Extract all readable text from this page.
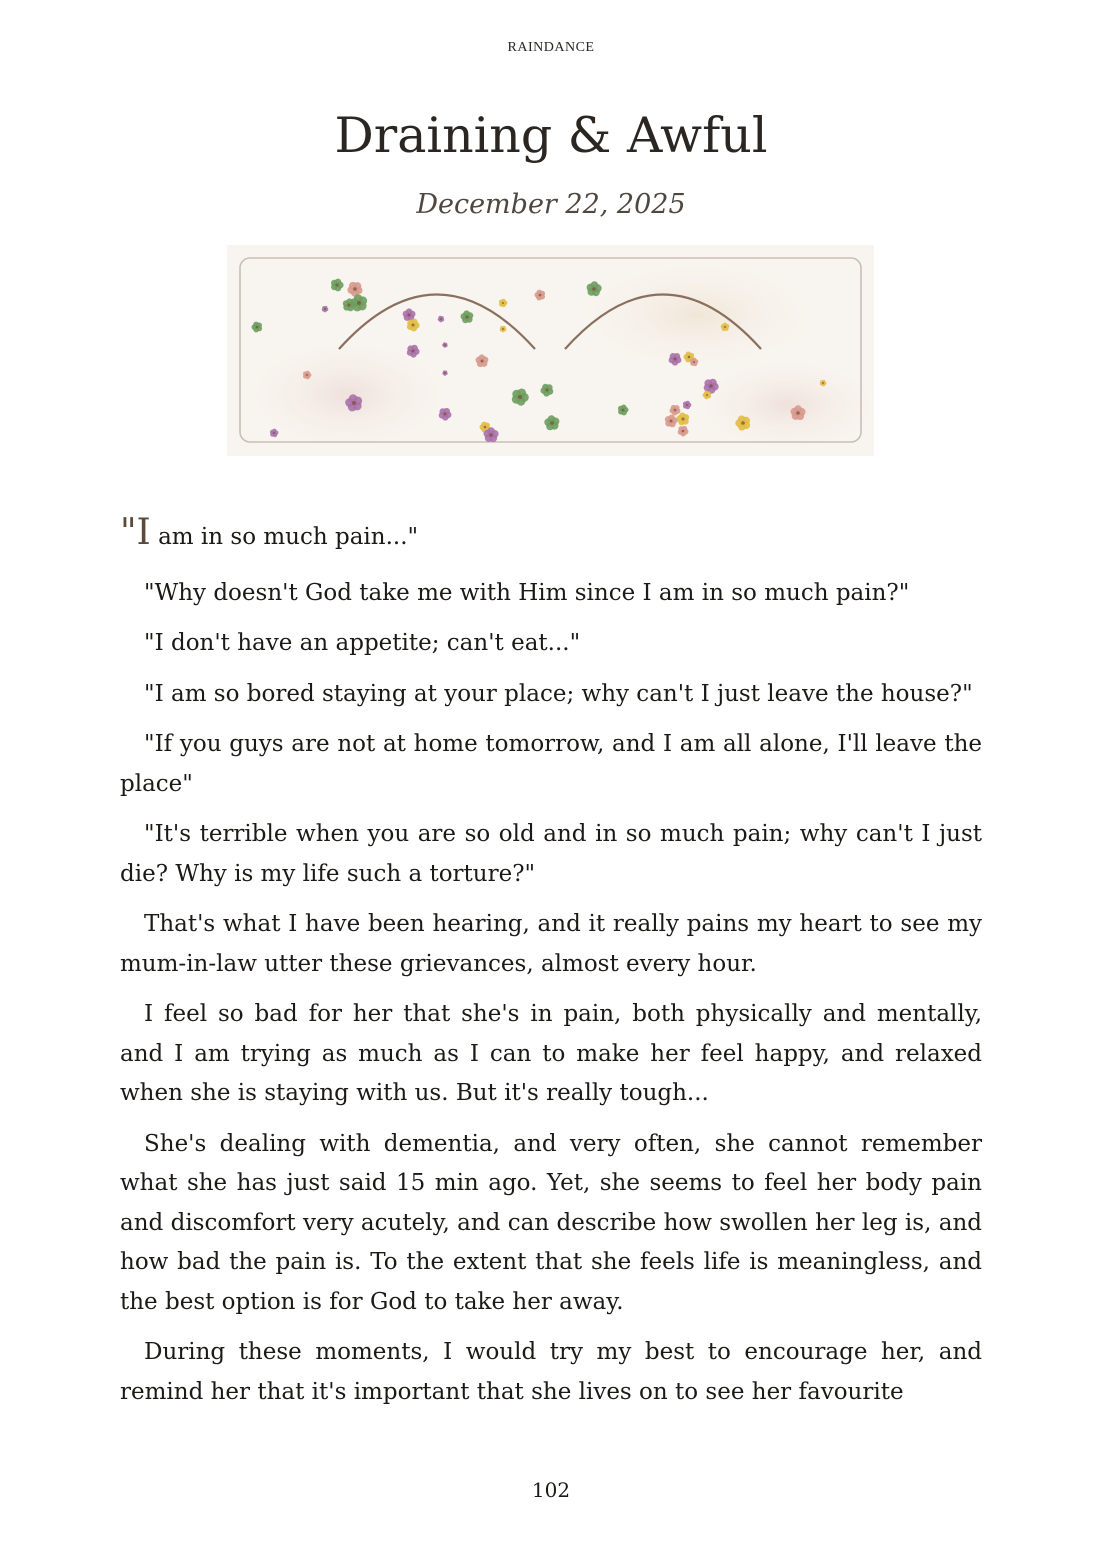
RAINDANCE
Draining & Awful
December 22, 2025

"I am in so much pain..."

"Why doesn't God take me with Him since I am in so much pain?"

"I don't have an appetite; can't eat..."

"I am so bored staying at your place; why can't I just leave the house?"

"If you guys are not at home tomorrow, and I am all alone, I'll leave the place"

"It's terrible when you are so old and in so much pain; why can't I just die? Why is my life such a torture?"

That's what I have been hearing, and it really pains my heart to see my mum-in-law utter these grievances, almost every hour.

I feel so bad for her that she's in pain, both physically and mentally, and I am trying as much as I can to make her feel happy, and relaxed when she is staying with us. But it's really tough...

She's dealing with dementia, and very often, she cannot remember what she has just said 15 min ago. Yet, she seems to feel her body pain and discomfort very acutely, and can describe how swollen her leg is, and how bad the pain is. To the extent that she feels life is meaningless, and the best option is for God to take her away.

During these moments, I would try my best to encourage her, and remind her that it's important that she lives on to see her favourite

102
